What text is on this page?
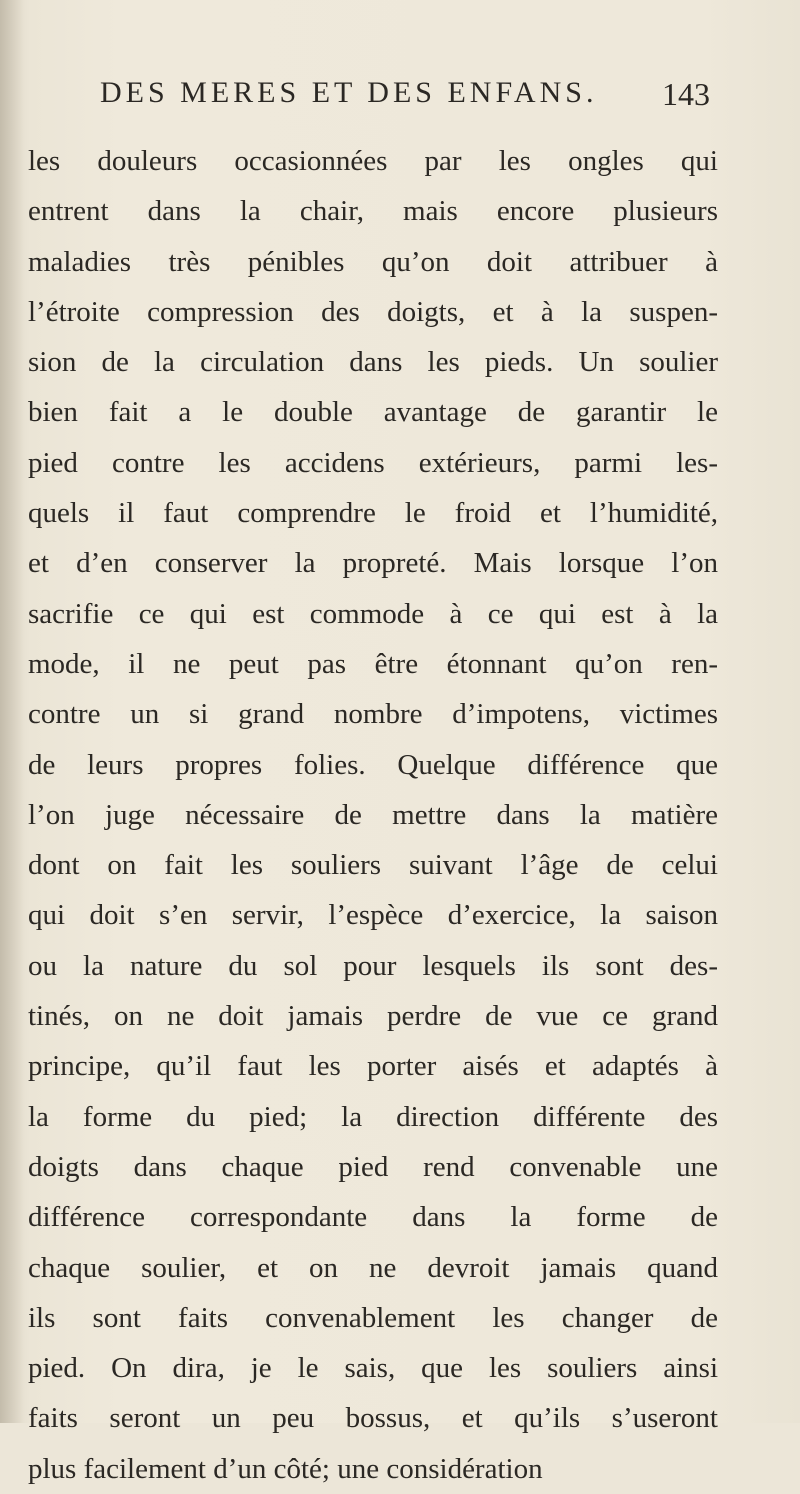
DES MERES ET DES ENFANS. 143
les douleurs occasionnées par les ongles qui
entrent dans la chair, mais encore plusieurs
maladies très pénibles qu’on doit attribuer à
l’étroite compression des doigts, et à la suspen-
sion de la circulation dans les pieds. Un soulier
bien fait a le double avantage de garantir le
pied contre les accidens extérieurs, parmi les-
quels il faut comprendre le froid et l’humidité,
et d’en conserver la propreté. Mais lorsque l’on
sacrifie ce qui est commode à ce qui est à la
mode, il ne peut pas être étonnant qu’on ren-
contre un si grand nombre d’impotens, victimes
de leurs propres folies. Quelque différence que
l’on juge nécessaire de mettre dans la matière
dont on fait les souliers suivant l’âge de celui
qui doit s’en servir, l’espèce d’exercice, la saison
ou la nature du sol pour lesquels ils sont des-
tinés, on ne doit jamais perdre de vue ce grand
principe, qu’il faut les porter aisés et adaptés à
la forme du pied; la direction différente des
doigts dans chaque pied rend convenable une
différence correspondante dans la forme de
chaque soulier, et on ne devroit jamais quand
ils sont faits convenablement les changer de
pied. On dira, je le sais, que les souliers ainsi
faits seront un peu bossus, et qu’ils s’useront
plus facilement d’un côté; une considération
